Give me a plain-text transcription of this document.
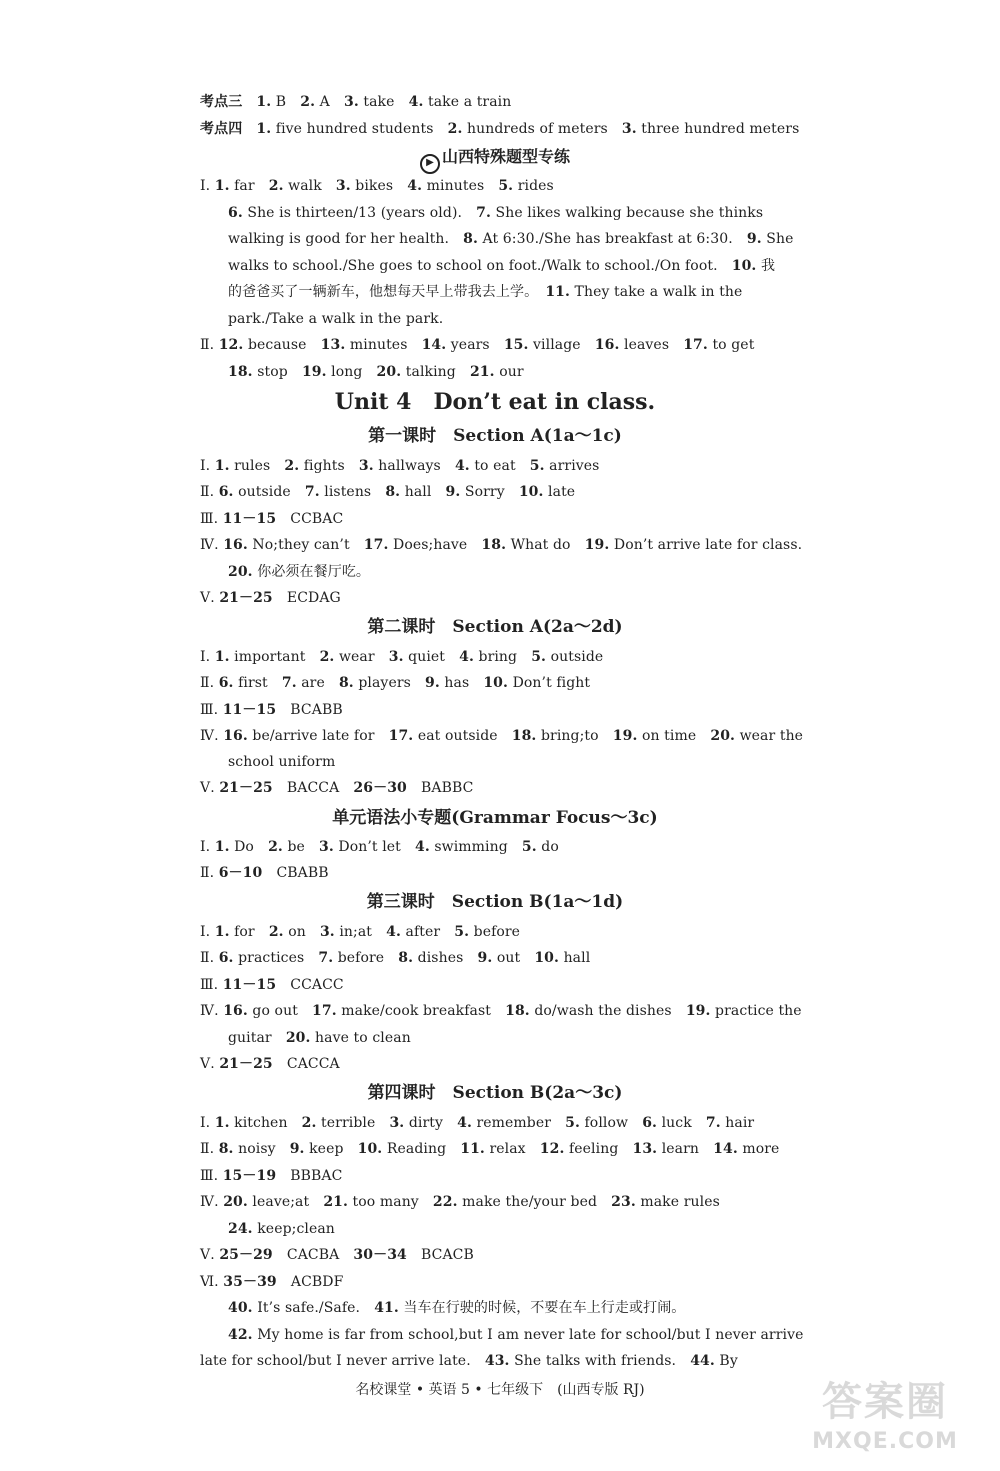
考点三　 1. B　2. A　3. take　4. take a train
考点四　 1. five hundred students　2. hundreds of meters　3. three hundred meters
▶ 山西特殊题型专练
Ⅰ. 1. far　2. walk　3. bikes　4. minutes　5. rides
6. She is thirteen/13 (years old).　7. She likes walking because she thinks
walking is good for her health.　8. At 6:30./She has breakfast at 6:30.　9. She
walks to school./She goes to school on foot./Walk to school./On foot.　10. 我
的爸爸买了一辆新车，他想每天早上带我去上学。　11. They take a walk in the
park./Take a walk in the park.
Ⅱ. 12. because　13. minutes　14. years　15. village　16. leaves　17. to get
18. stop　19. long　20. talking　21. our
Unit 4　Don’t eat in class.
第一课时　Section A(1a～1c)
Ⅰ. 1. rules　2. fights　3. hallways　4. to eat　5. arrives
Ⅱ. 6. outside　7. listens　8. hall　9. Sorry　10. late
Ⅲ. 11－15　CCBAC
Ⅳ. 16. No;they can’t　17. Does;have　18. What do　19. Don’t arrive late for class.
20. 你必须在餐厅吃。
Ⅴ. 21－25　ECDAG
第二课时　Section A(2a～2d)
Ⅰ. 1. important　2. wear　3. quiet　4. bring　5. outside
Ⅱ. 6. first　7. are　8. players　9. has　10. Don’t fight
Ⅲ. 11－15　BCABB
Ⅳ. 16. be/arrive late for　17. eat outside　18. bring;to　19. on time　20. wear the
school uniform
Ⅴ. 21－25　BACCA　26－30　BABBC
单元语法小专题(Grammar Focus～3c)
Ⅰ. 1. Do　2. be　3. Don’t let　4. swimming　5. do
Ⅱ. 6－10　CBABB
第三课时　Section B(1a～1d)
Ⅰ. 1. for　2. on　3. in;at　4. after　5. before
Ⅱ. 6. practices　7. before　8. dishes　9. out　10. hall
Ⅲ. 11－15　CCACC
Ⅳ. 16. go out　17. make/cook breakfast　18. do/wash the dishes　19. practice the
guitar　20. have to clean
Ⅴ. 21－25　CACCA
第四课时　Section B(2a～3c)
Ⅰ. 1. kitchen　2. terrible　3. dirty　4. remember　5. follow　6. luck　7. hair
Ⅱ. 8. noisy　9. keep　10. Reading　11. relax　12. feeling　13. learn　14. more
Ⅲ. 15－19　BBBAC
Ⅳ. 20. leave;at　21. too many　22. make the/your bed　23. make rules
24. keep;clean
Ⅴ. 25－29　CACBA　30－34　BCACB
Ⅵ. 35－39　ACBDF
40. It’s safe./Safe.　41. 当车在行驶的时候，不要在车上行走或打闹。
42. My home is far from school,but I am never late for school/but I never arrive
late for school/but I never arrive late.　43. She talks with friends.　44. By
名校课堂 • 英语 5 • 七年级下　(山西专版 RJ)	答案圈
MXQE.COM
